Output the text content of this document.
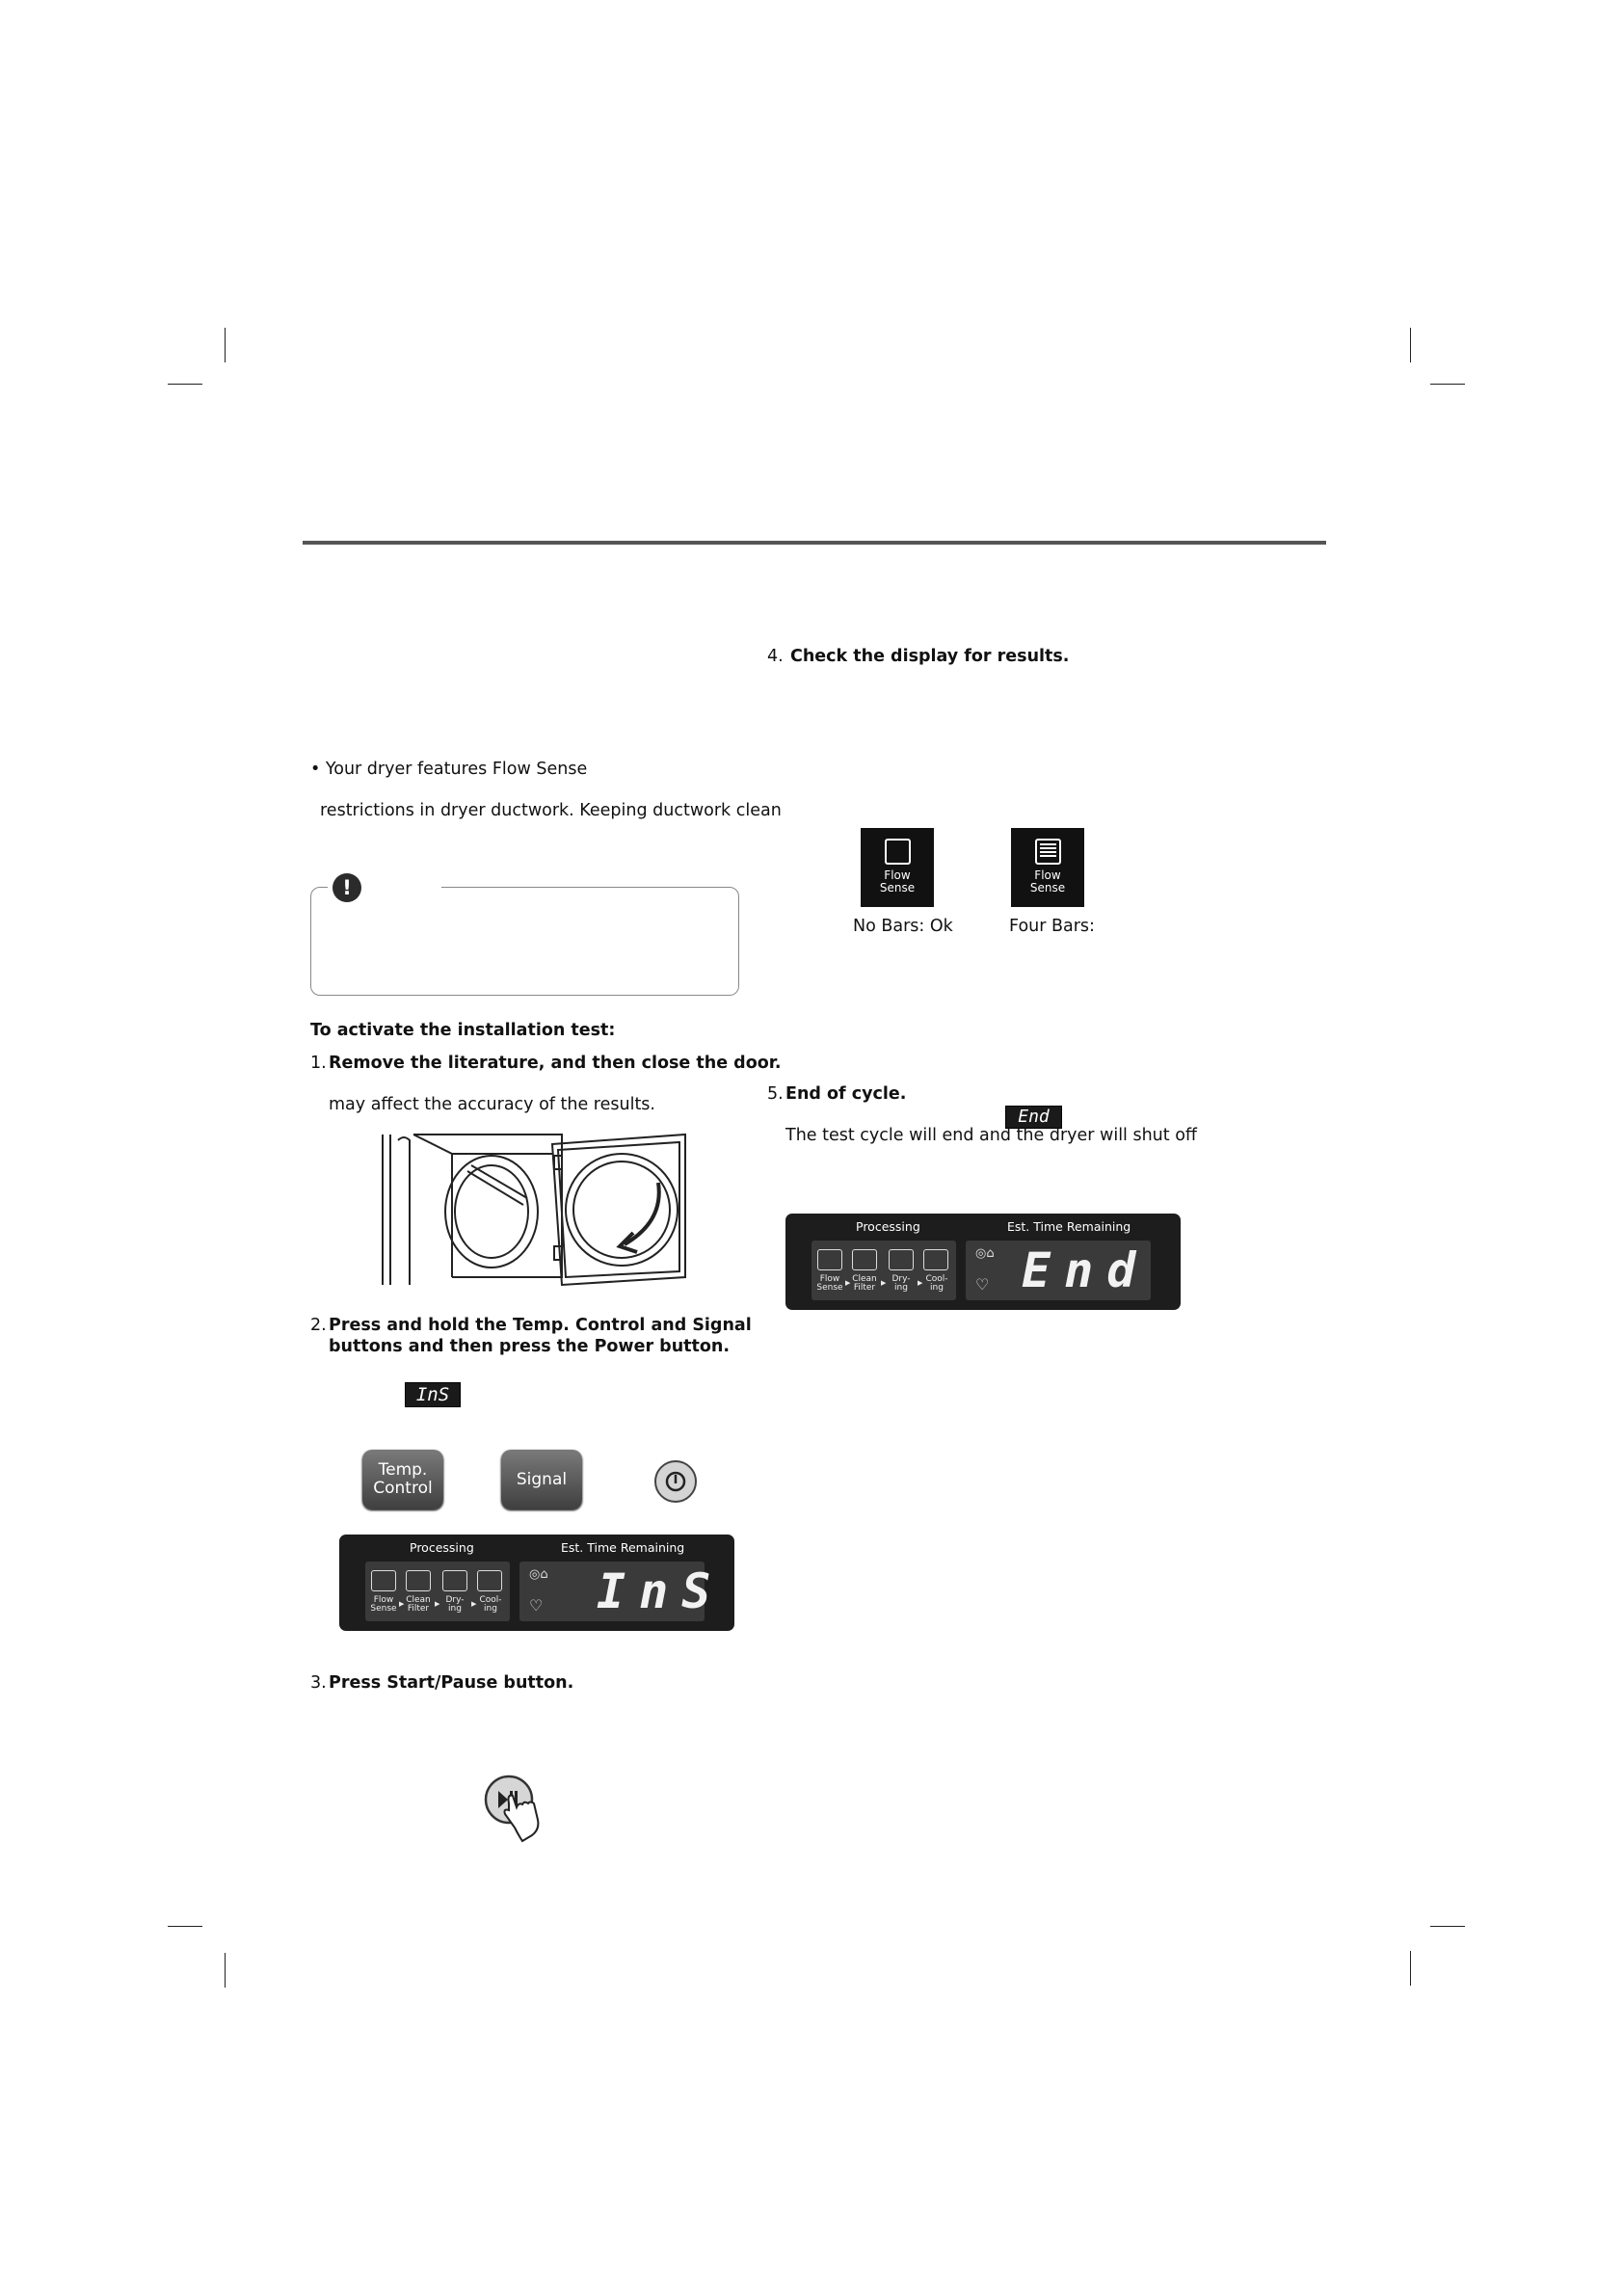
• Your dryer features Flow Sense
restrictions in dryer ductwork. Keeping ductwork clean
!
To activate the installation test:
1. Remove the literature, and then close the door.
may affect the accuracy of the results.
2. Press and hold the Temp. Control and Signal
buttons and then press the Power button.
InS
Temp.
Control	Signal
Processing	Est. Time Remaining
Flow
Sense ▶ Clean
Filter ▶ Dry-
ing	▶ Cool-
ing
◎⌂
♡ InS
3. Press Start/Pause button.
4. Check the display for results.
Flow
Sense
Flow
Sense
No Bars: Ok	Four Bars:
5. End of cycle.
End
The test cycle will end and the dryer will shut off
Processing	Est. Time Remaining
Flow
Sense ▶ Clean
Filter ▶ Dry-
ing	▶ Cool-
ing
◎⌂
♡ End
